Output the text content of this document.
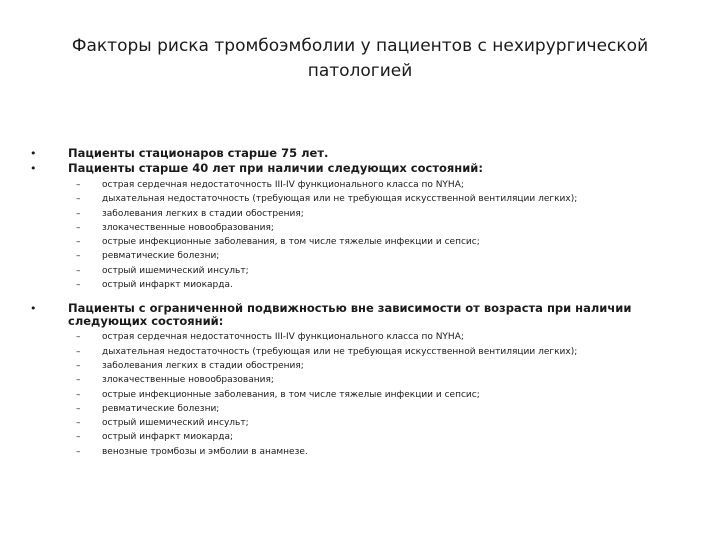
Факторы риска тромбоэмболии у пациентов с нехирургической патологией
•	Пациенты стационаров старше 75 лет.
•	Пациенты старше 40 лет при наличии следующих состояний:
– острая сердечная недостаточность III-IV функционального класса по NYHA;
– дыхательная недостаточность (требующая или не требующая искусственной вентиляции легких);
– заболевания легких в стадии обострения;
– злокачественные новообразования;
– острые инфекционные заболевания, в том числе тяжелые инфекции и сепсис;
– ревматические болезни;
– острый ишемический инсульт;
– острый инфаркт миокарда.
•	Пациенты с ограниченной подвижностью вне зависимости от возраста при наличии следующих состояний:
– острая сердечная недостаточность III-IV функционального класса по NYHA;
– дыхательная недостаточность (требующая или не требующая искусственной вентиляции легких);
– заболевания легких в стадии обострения;
– злокачественные новообразования;
– острые инфекционные заболевания, в том числе тяжелые инфекции и сепсис;
– ревматические болезни;
– острый ишемический инсульт;
– острый инфаркт миокарда;
– венозные тромбозы и эмболии в анамнезе.
